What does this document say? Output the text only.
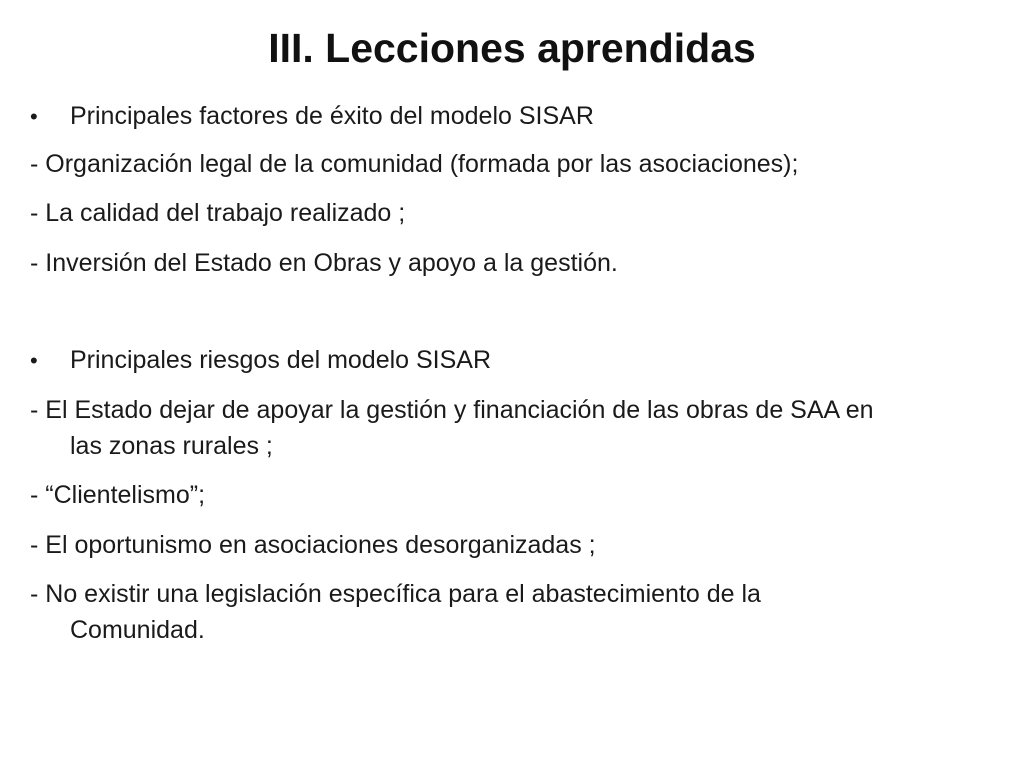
III. Lecciones aprendidas
• Principales factores de éxito del modelo SISAR
- Organización legal de la comunidad (formada por las asociaciones);
- La calidad del trabajo realizado ;
- Inversión del Estado en Obras y apoyo a la gestión.
• Principales riesgos del modelo SISAR
- El Estado dejar de apoyar la gestión y financiación de las obras de SAA en
las zonas rurales ;
- “Clientelismo”;
- El oportunismo en asociaciones desorganizadas ;
- No existir una legislación específica para el abastecimiento de la
Comunidad.
